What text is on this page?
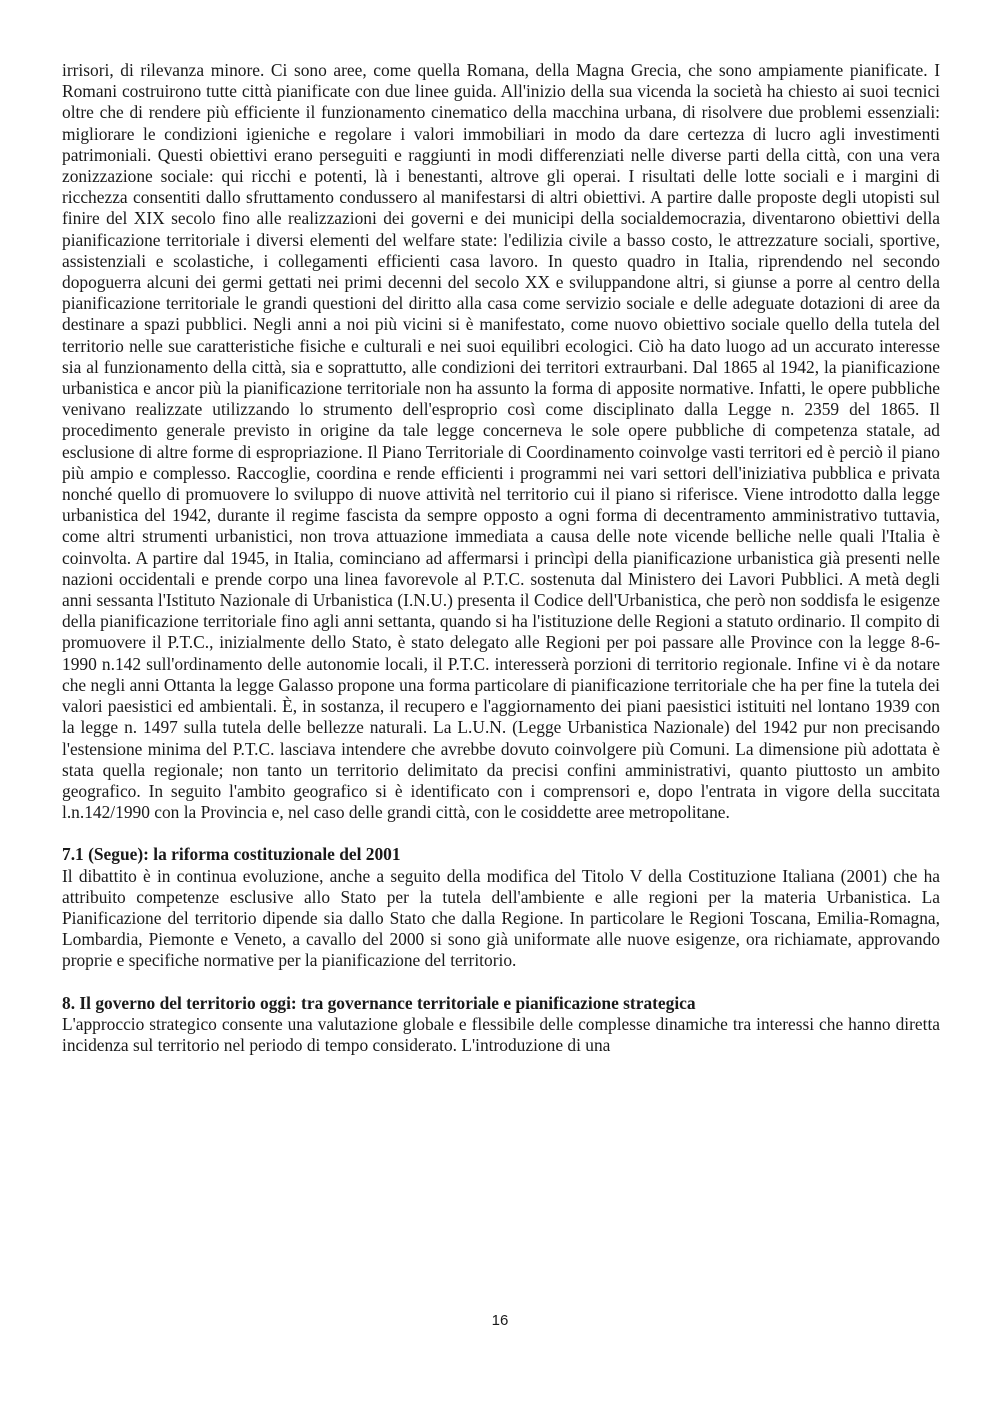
irrisori, di rilevanza minore. Ci sono aree, come quella Romana, della Magna Grecia, che sono ampiamente pianificate. I Romani costruirono tutte città pianificate con due linee guida. All'inizio della sua vicenda la società ha chiesto ai suoi tecnici oltre che di rendere più efficiente il funzionamento cinematico della macchina urbana, di risolvere due problemi essenziali: migliorare le condizioni igieniche e regolare i valori immobiliari in modo da dare certezza di lucro agli investimenti patrimoniali. Questi obiettivi erano perseguiti e raggiunti in modi differenziati nelle diverse parti della città, con una vera zonizzazione sociale: qui ricchi e potenti, là i benestanti, altrove gli operai. I risultati delle lotte sociali e i margini di ricchezza consentiti dallo sfruttamento condussero al manifestarsi di altri obiettivi. A partire dalle proposte degli utopisti sul finire del XIX secolo fino alle realizzazioni dei governi e dei municipi della socialdemocrazia, diventarono obiettivi della pianificazione territoriale i diversi elementi del welfare state: l'edilizia civile a basso costo, le attrezzature sociali, sportive, assistenziali e scolastiche, i collegamenti efficienti casa lavoro. In questo quadro in Italia, riprendendo nel secondo dopoguerra alcuni dei germi gettati nei primi decenni del secolo XX e sviluppandone altri, si giunse a porre al centro della pianificazione territoriale le grandi questioni del diritto alla casa come servizio sociale e delle adeguate dotazioni di aree da destinare a spazi pubblici. Negli anni a noi più vicini si è manifestato, come nuovo obiettivo sociale quello della tutela del territorio nelle sue caratteristiche fisiche e culturali e nei suoi equilibri ecologici. Ciò ha dato luogo ad un accurato interesse sia al funzionamento della città, sia e soprattutto, alle condizioni dei territori extraurbani. Dal 1865 al 1942, la pianificazione urbanistica e ancor più la pianificazione territoriale non ha assunto la forma di apposite normative. Infatti, le opere pubbliche venivano realizzate utilizzando lo strumento dell'esproprio così come disciplinato dalla Legge n. 2359 del 1865. Il procedimento generale previsto in origine da tale legge concerneva le sole opere pubbliche di competenza statale, ad esclusione di altre forme di espropriazione. Il Piano Territoriale di Coordinamento coinvolge vasti territori ed è perciò il piano più ampio e complesso. Raccoglie, coordina e rende efficienti i programmi nei vari settori dell'iniziativa pubblica e privata nonché quello di promuovere lo sviluppo di nuove attività nel territorio cui il piano si riferisce. Viene introdotto dalla legge urbanistica del 1942, durante il regime fascista da sempre opposto a ogni forma di decentramento amministrativo tuttavia, come altri strumenti urbanistici, non trova attuazione immediata a causa delle note vicende belliche nelle quali l'Italia è coinvolta. A partire dal 1945, in Italia, cominciano ad affermarsi i princìpi della pianificazione urbanistica già presenti nelle nazioni occidentali e prende corpo una linea favorevole al P.T.C. sostenuta dal Ministero dei Lavori Pubblici. A metà degli anni sessanta l'Istituto Nazionale di Urbanistica (I.N.U.) presenta il Codice dell'Urbanistica, che però non soddisfa le esigenze della pianificazione territoriale fino agli anni settanta, quando si ha l'istituzione delle Regioni a statuto ordinario. Il compito di promuovere il P.T.C., inizialmente dello Stato, è stato delegato alle Regioni per poi passare alle Province con la legge 8-6-1990 n.142 sull'ordinamento delle autonomie locali, il P.T.C. interesserà porzioni di territorio regionale. Infine vi è da notare che negli anni Ottanta la legge Galasso propone una forma particolare di pianificazione territoriale che ha per fine la tutela dei valori paesistici ed ambientali. È, in sostanza, il recupero e l'aggiornamento dei piani paesistici istituiti nel lontano 1939 con la legge n. 1497 sulla tutela delle bellezze naturali. La L.U.N. (Legge Urbanistica Nazionale) del 1942 pur non precisando l'estensione minima del P.T.C. lasciava intendere che avrebbe dovuto coinvolgere più Comuni. La dimensione più adottata è stata quella regionale; non tanto un territorio delimitato da precisi confini amministrativi, quanto piuttosto un ambito geografico. In seguito l'ambito geografico si è identificato con i comprensori e, dopo l'entrata in vigore della succitata l.n.142/1990 con la Provincia e, nel caso delle grandi città, con le cosiddette aree metropolitane.

7.1 (Segue): la riforma costituzionale del 2001

Il dibattito è in continua evoluzione, anche a seguito della modifica del Titolo V della Costituzione Italiana (2001) che ha attribuito competenze esclusive allo Stato per la tutela dell'ambiente e alle regioni per la materia Urbanistica. La Pianificazione del territorio dipende sia dallo Stato che dalla Regione. In particolare le Regioni Toscana, Emilia-Romagna, Lombardia, Piemonte e Veneto, a cavallo del 2000 si sono già uniformate alle nuove esigenze, ora richiamate, approvando proprie e specifiche normative per la pianificazione del territorio.

8. Il governo del territorio oggi: tra governance territoriale e pianificazione strategica

L'approccio strategico consente una valutazione globale e flessibile delle complesse dinamiche tra interessi che hanno diretta incidenza sul territorio nel periodo di tempo considerato. L'introduzione di una

16
